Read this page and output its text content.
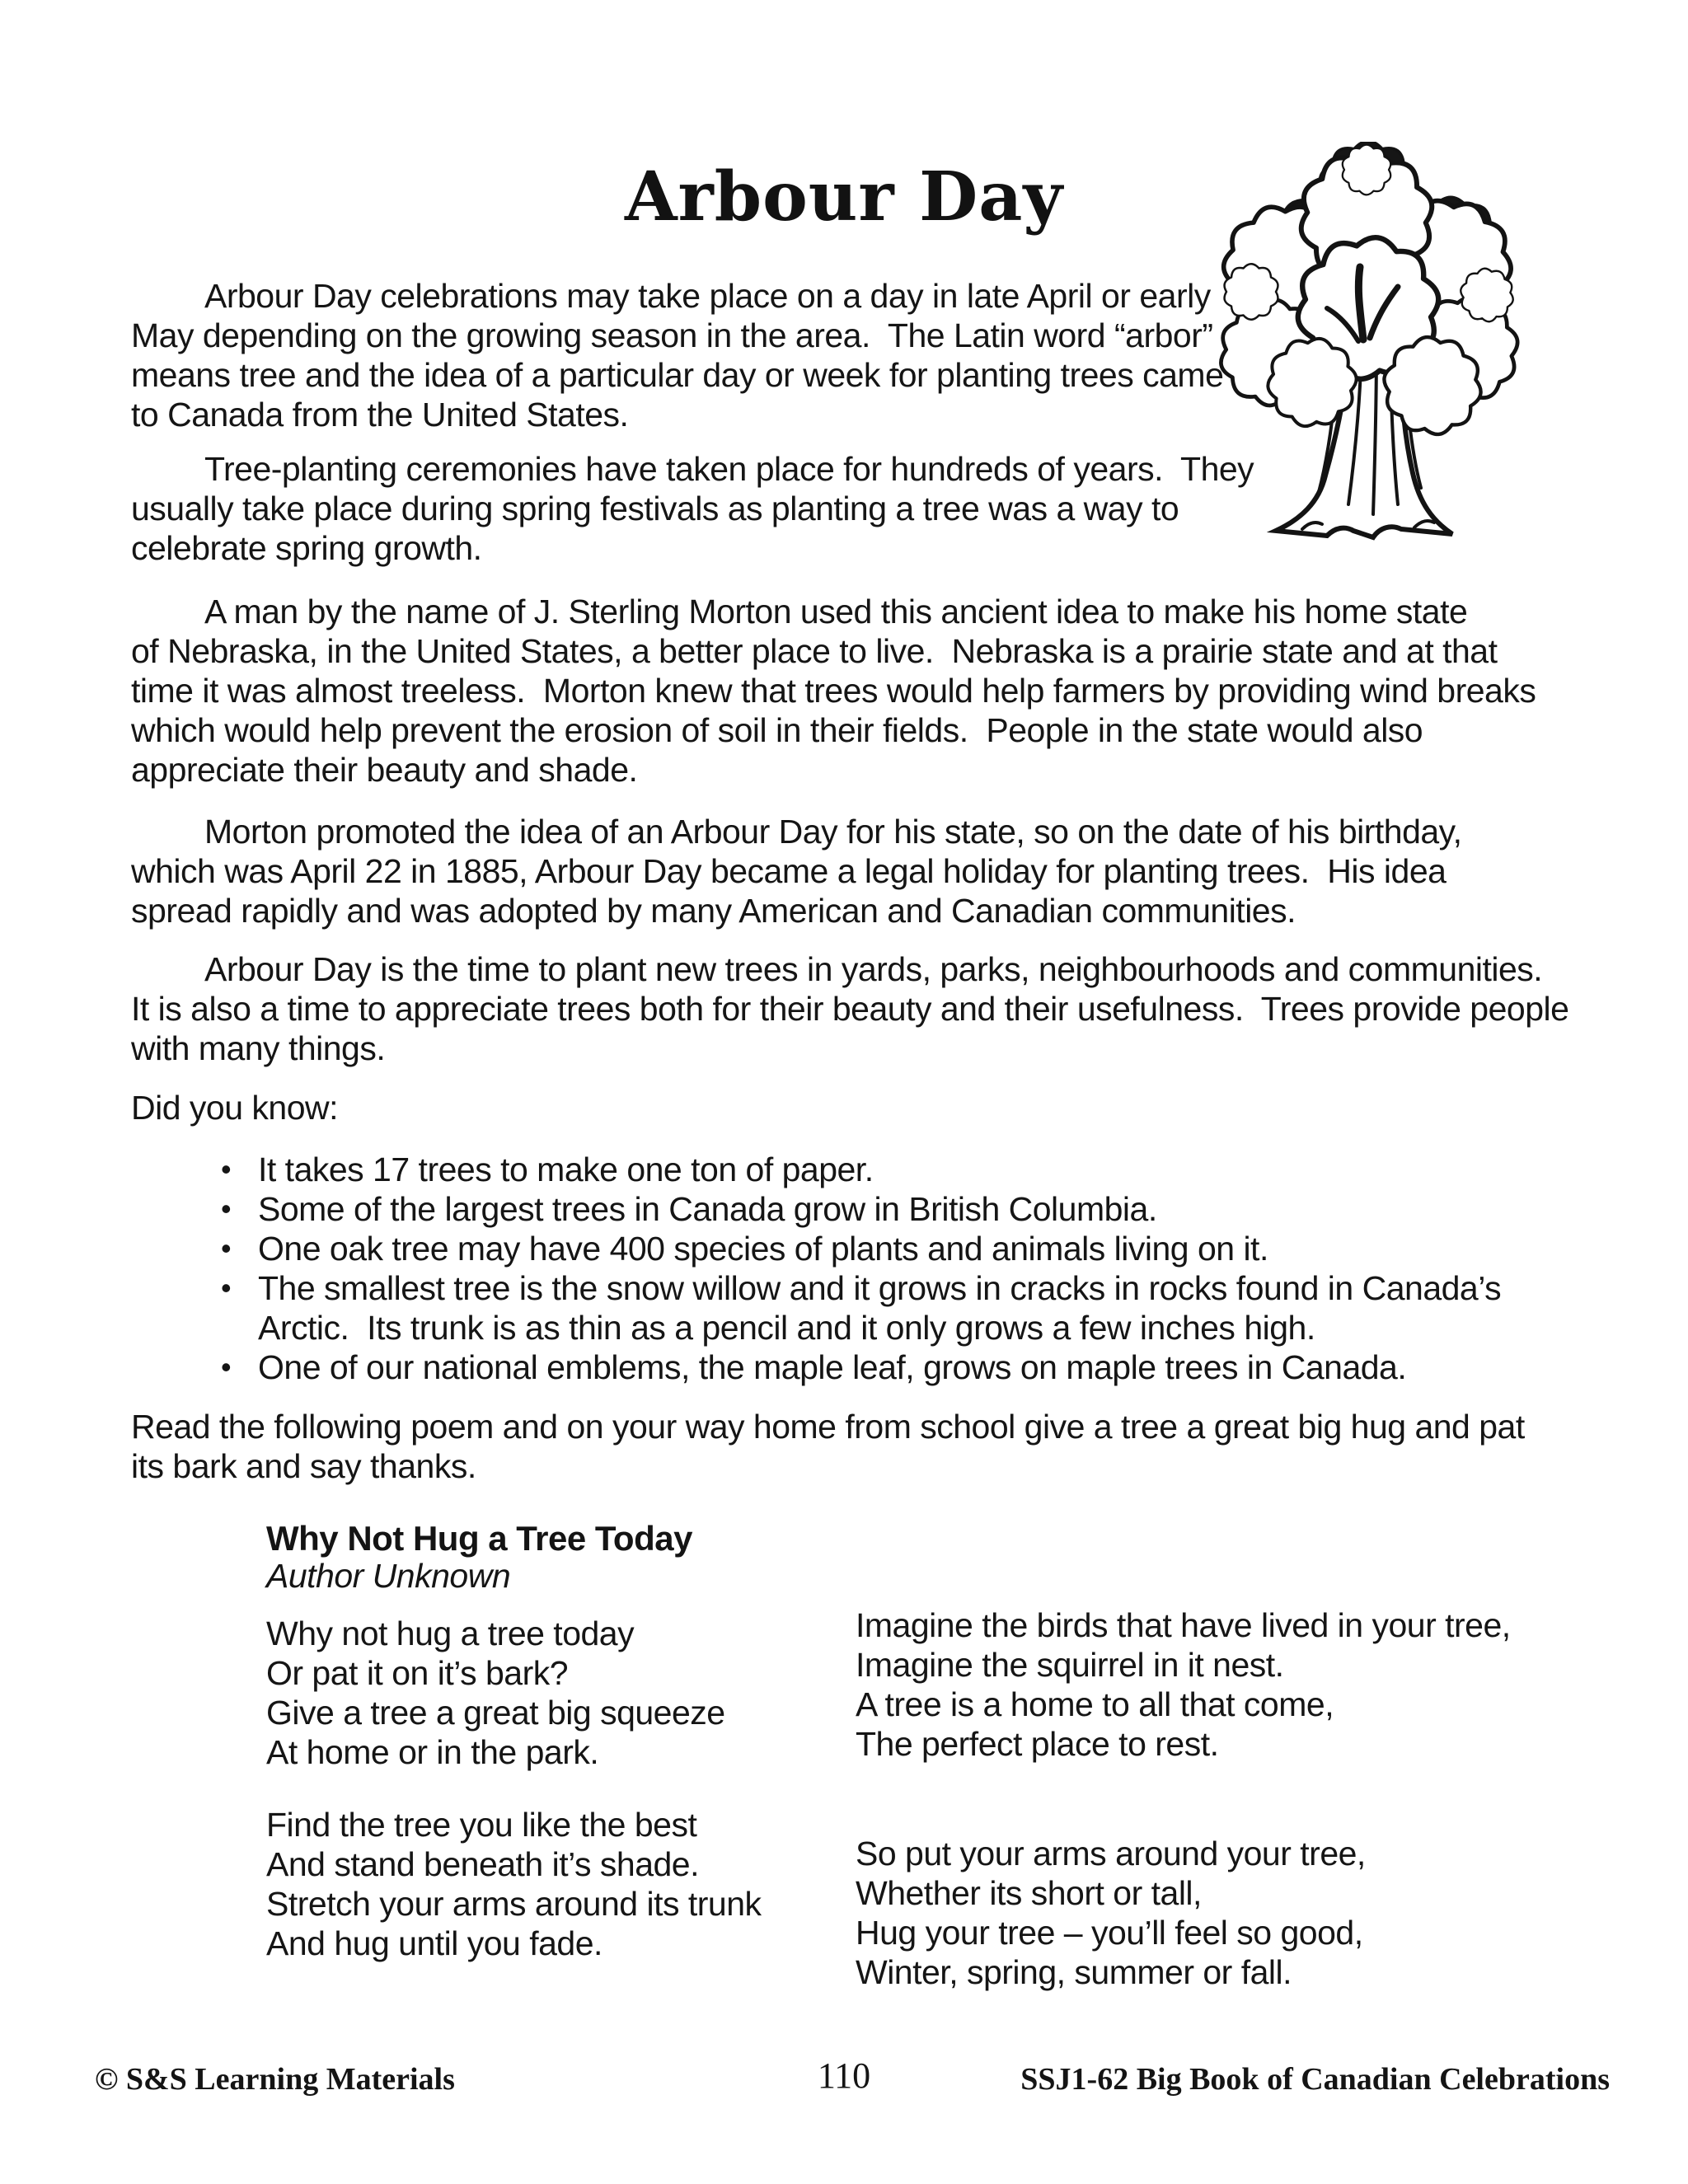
Arbour Day
Arbour Day celebrations may take place on a day in late April or early
May depending on the growing season in the area.  The Latin word “arbor”
means tree and the idea of a particular day or week for planting trees came
to Canada from the United States.
Tree-planting ceremonies have taken place for hundreds of years.  They
usually take place during spring festivals as planting a tree was a way to
celebrate spring growth.
A man by the name of J. Sterling Morton used this ancient idea to make his home state
of Nebraska, in the United States, a better place to live.  Nebraska is a prairie state and at that
time it was almost treeless.  Morton knew that trees would help farmers by providing wind breaks
which would help prevent the erosion of soil in their fields.  People in the state would also
appreciate their beauty and shade.
Morton promoted the idea of an Arbour Day for his state, so on the date of his birthday,
which was April 22 in 1885, Arbour Day became a legal holiday for planting trees.  His idea
spread rapidly and was adopted by many American and Canadian communities.
Arbour Day is the time to plant new trees in yards, parks, neighbourhoods and communities.
It is also a time to appreciate trees both for their beauty and their usefulness.  Trees provide people
with many things.
Did you know:
• It takes 17 trees to make one ton of paper.
• Some of the largest trees in Canada grow in British Columbia.
• One oak tree may have 400 species of plants and animals living on it.
• The smallest tree is the snow willow and it grows in cracks in rocks found in Canada’s
Arctic.  Its trunk is as thin as a pencil and it only grows a few inches high.
• One of our national emblems, the maple leaf, grows on maple trees in Canada.
Read the following poem and on your way home from school give a tree a great big hug and pat
its bark and say thanks.
Why Not Hug a Tree Today
Author Unknown
Why not hug a tree today
Or pat it on it’s bark?
Give a tree a great big squeeze
At home or in the park.
Find the tree you like the best
And stand beneath it’s shade.
Stretch your arms around its trunk
And hug until you fade.
Imagine the birds that have lived in your tree,
Imagine the squirrel in it nest.
A tree is a home to all that come,
The perfect place to rest.
So put your arms around your tree,
Whether its short or tall,
Hug your tree – you’ll feel so good,
Winter, spring, summer or fall.
© S&S Learning Materials	110	SSJ1-62 Big Book of Canadian Celebrations
